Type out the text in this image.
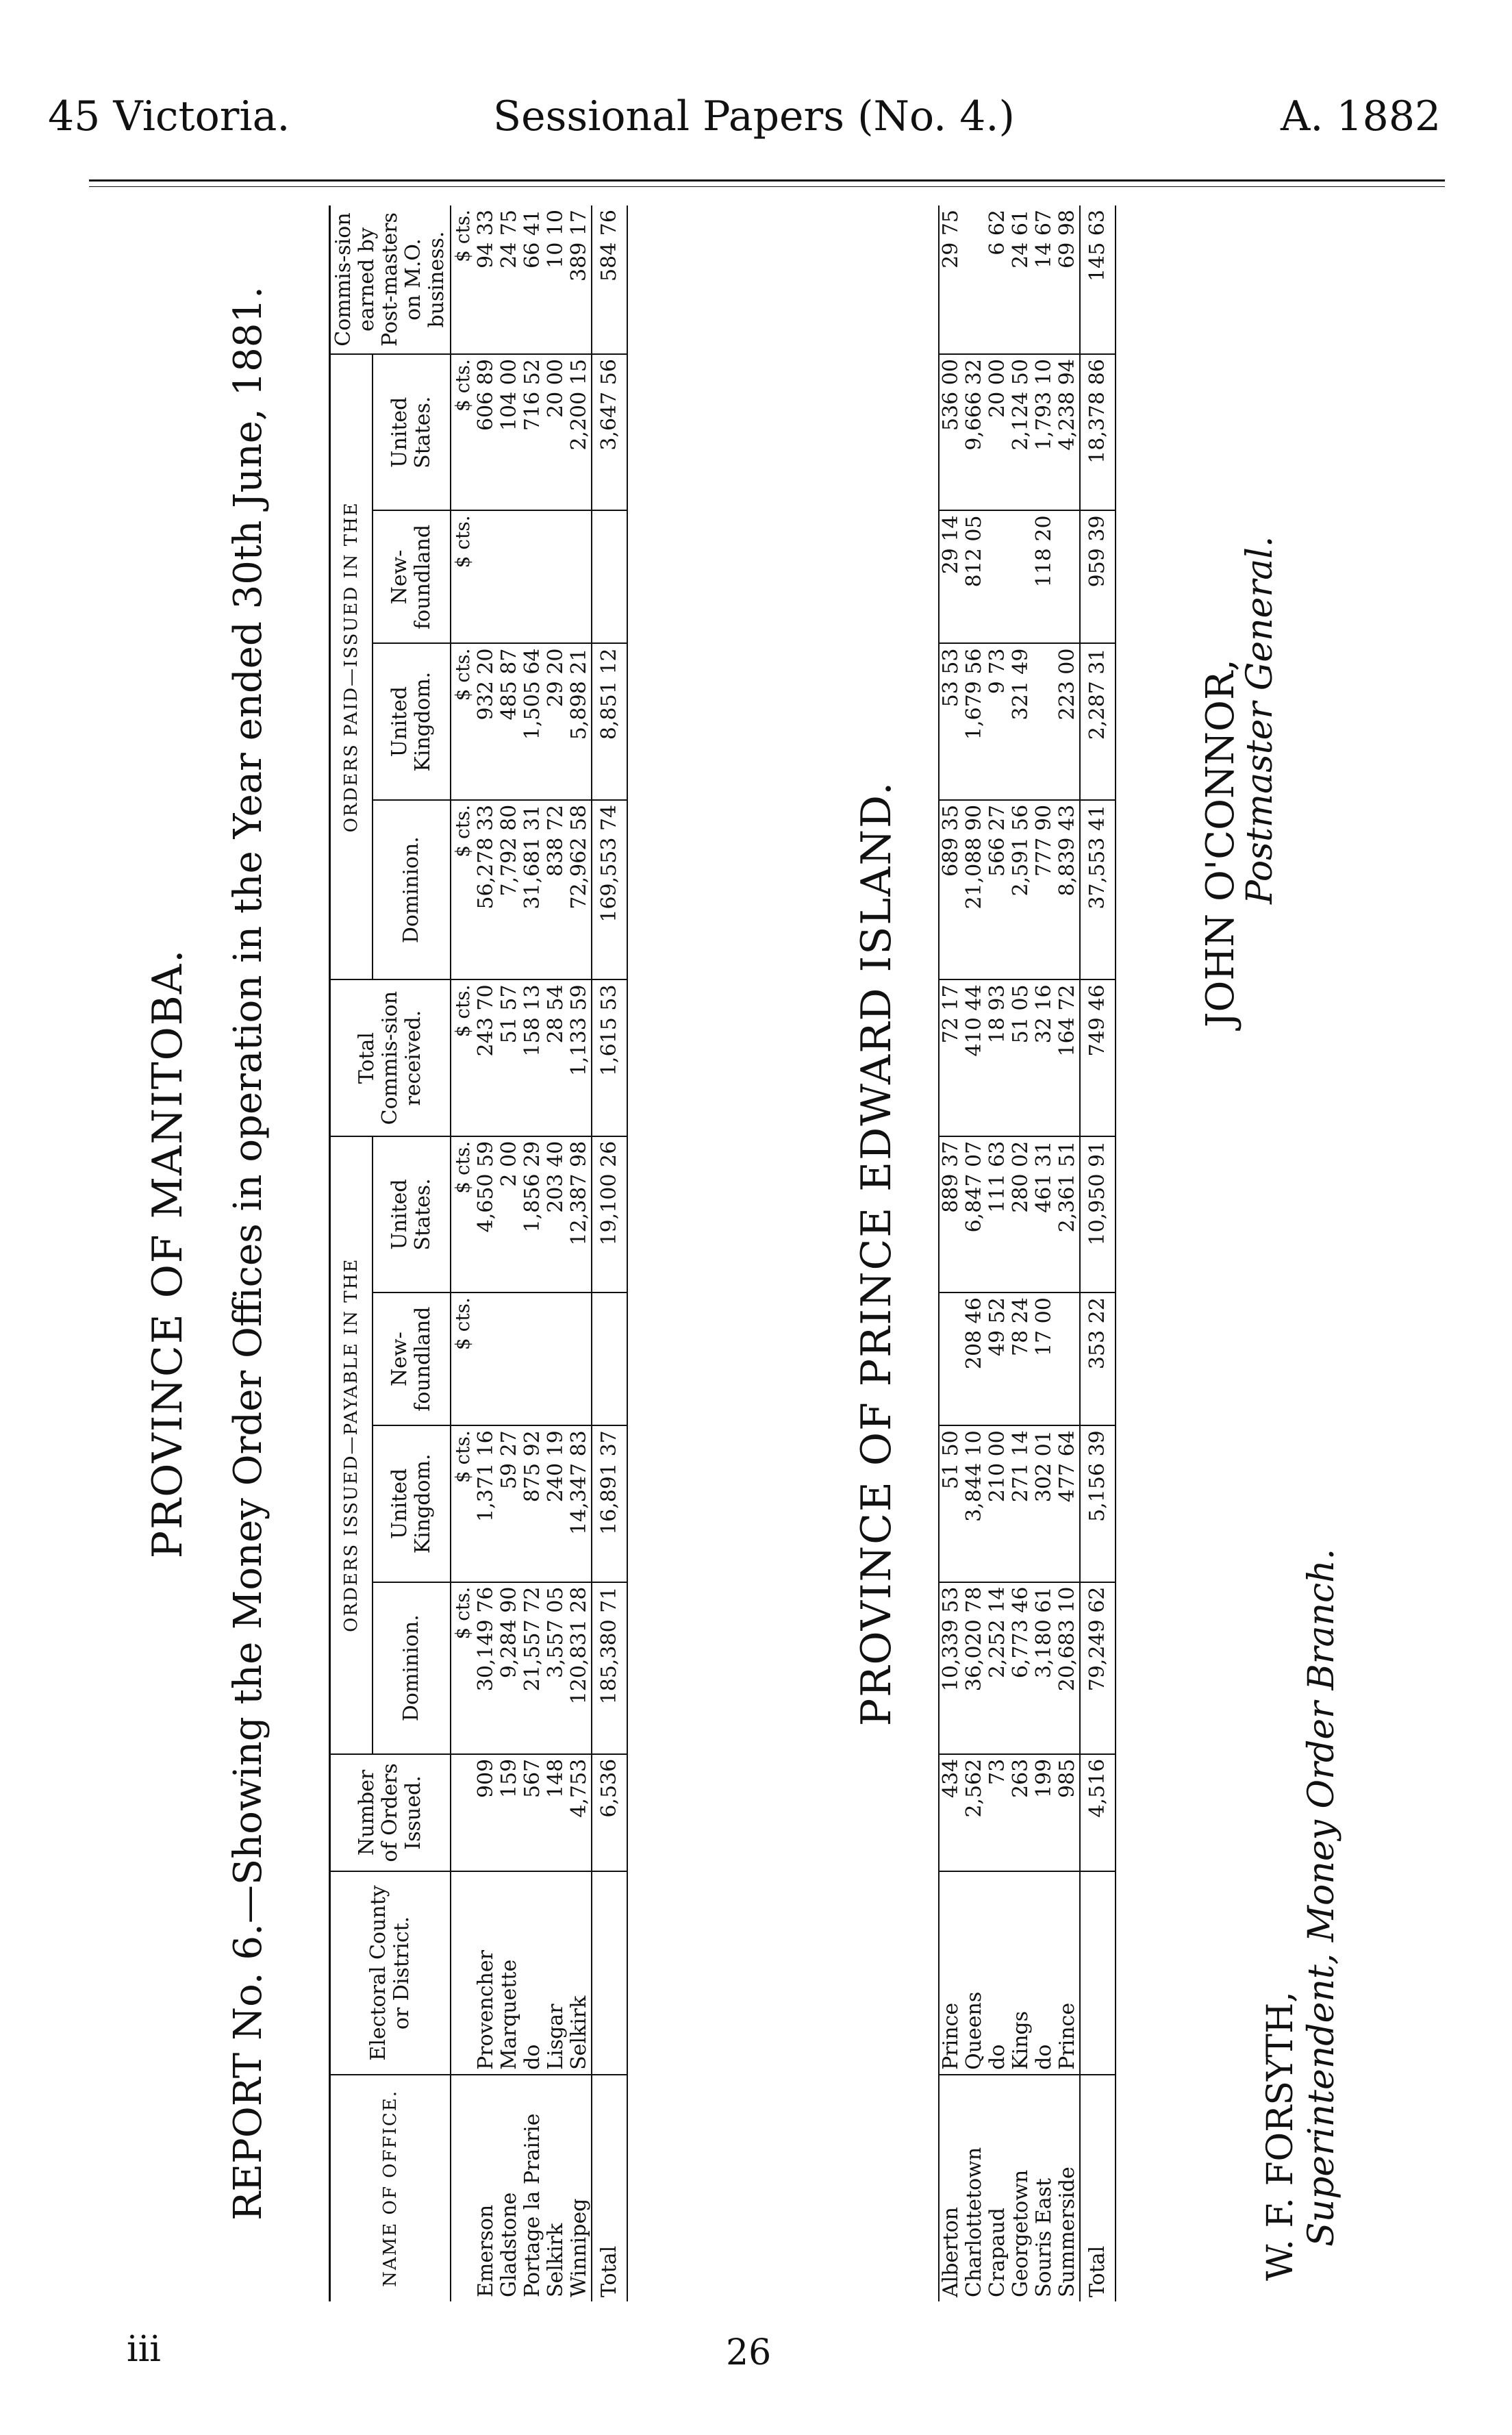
45 Victoria.	Sessional Papers (No. 4.)	A. 1882
iii	26
PROVINCE OF MANITOBA. REPORT No. 6.—Showing the Money Order Offices in operation in the Year ended 30th June, 1881.	NAME OF OFFICE.	Electoral County or District.	Number of Orders Issued.	ORDERS ISSUED—PAYABLE IN THE				Total Commis-sion received.	ORDERS PAID—ISSUED IN THE				Commis-sion earned by Post-masters on M.O. business.
			Dominion.	United Kingdom.	New-foundland	United States.		Dominion.	United Kingdom.	New-foundland	United States.	
			$ cts.	$ cts.	$ cts.	$ cts.	$ cts.	$ cts.	$ cts.	$ cts.	$ cts.	$ cts.
Emerson	Provencher	909	30,149 76	1,371 16		4,650 59	243 70	56,278 33	932 20		606 89	94 33
Gladstone	Marquette	159	9,284 90	59 27		2 00	51 57	7,792 80	485 87		104 00	24 75
Portage la Prairie	do	567	21,557 72	875 92		1,856 29	158 13	31,681 31	1,505 64		716 52	66 41
Selkirk	Lisgar	148	3,557 05	240 19		203 40	28 54	838 72	29 20		20 00	10 10
Winnipeg	Selkirk	4,753	120,831 28	14,347 83		12,387 98	1,133 59	72,962 58	5,898 21		2,200 15	389 17
Total		6,536	185,380 71	16,891 37		19,100 26	1,615 53	169,553 74	8,851 12		3,647 56	584 76
PROVINCE OF PRINCE EDWARD ISLAND.
Alberton	Prince	434	10,339 53	51 50		889 37	72 17	689 35	53 53	29 14	536 00	29 75
Charlottetown	Queens	2,562	36,020 78	3,844 10	208 46	6,847 07	410 44	21,088 90	1,679 56	812 05	9,666 32	
Crapaud	do	73	2,252 14	210 00	49 52	111 63	18 93	566 27	9 73		20 00	6 62
Georgetown	Kings	263	6,773 46	271 14	78 24	280 02	51 05	2,591 56	321 49		2,124 50	24 61
Souris East	do	199	3,180 61	302 01	17 00	461 31	32 16	777 90		118 20	1,793 10	14 67
Summerside	Prince	985	20,683 10	477 64		2,361 51	164 72	8,839 43	223 00		4,238 94	69 98
Total		4,516	79,249 62	5,156 39	353 22	10,950 91	749 46	37,553 41	2,287 31	959 39	18,378 86	145 63
W. F. FORSYTH, Superintendent, Money Order Branch.
JOHN O'CONNOR,
Postmaster General.
